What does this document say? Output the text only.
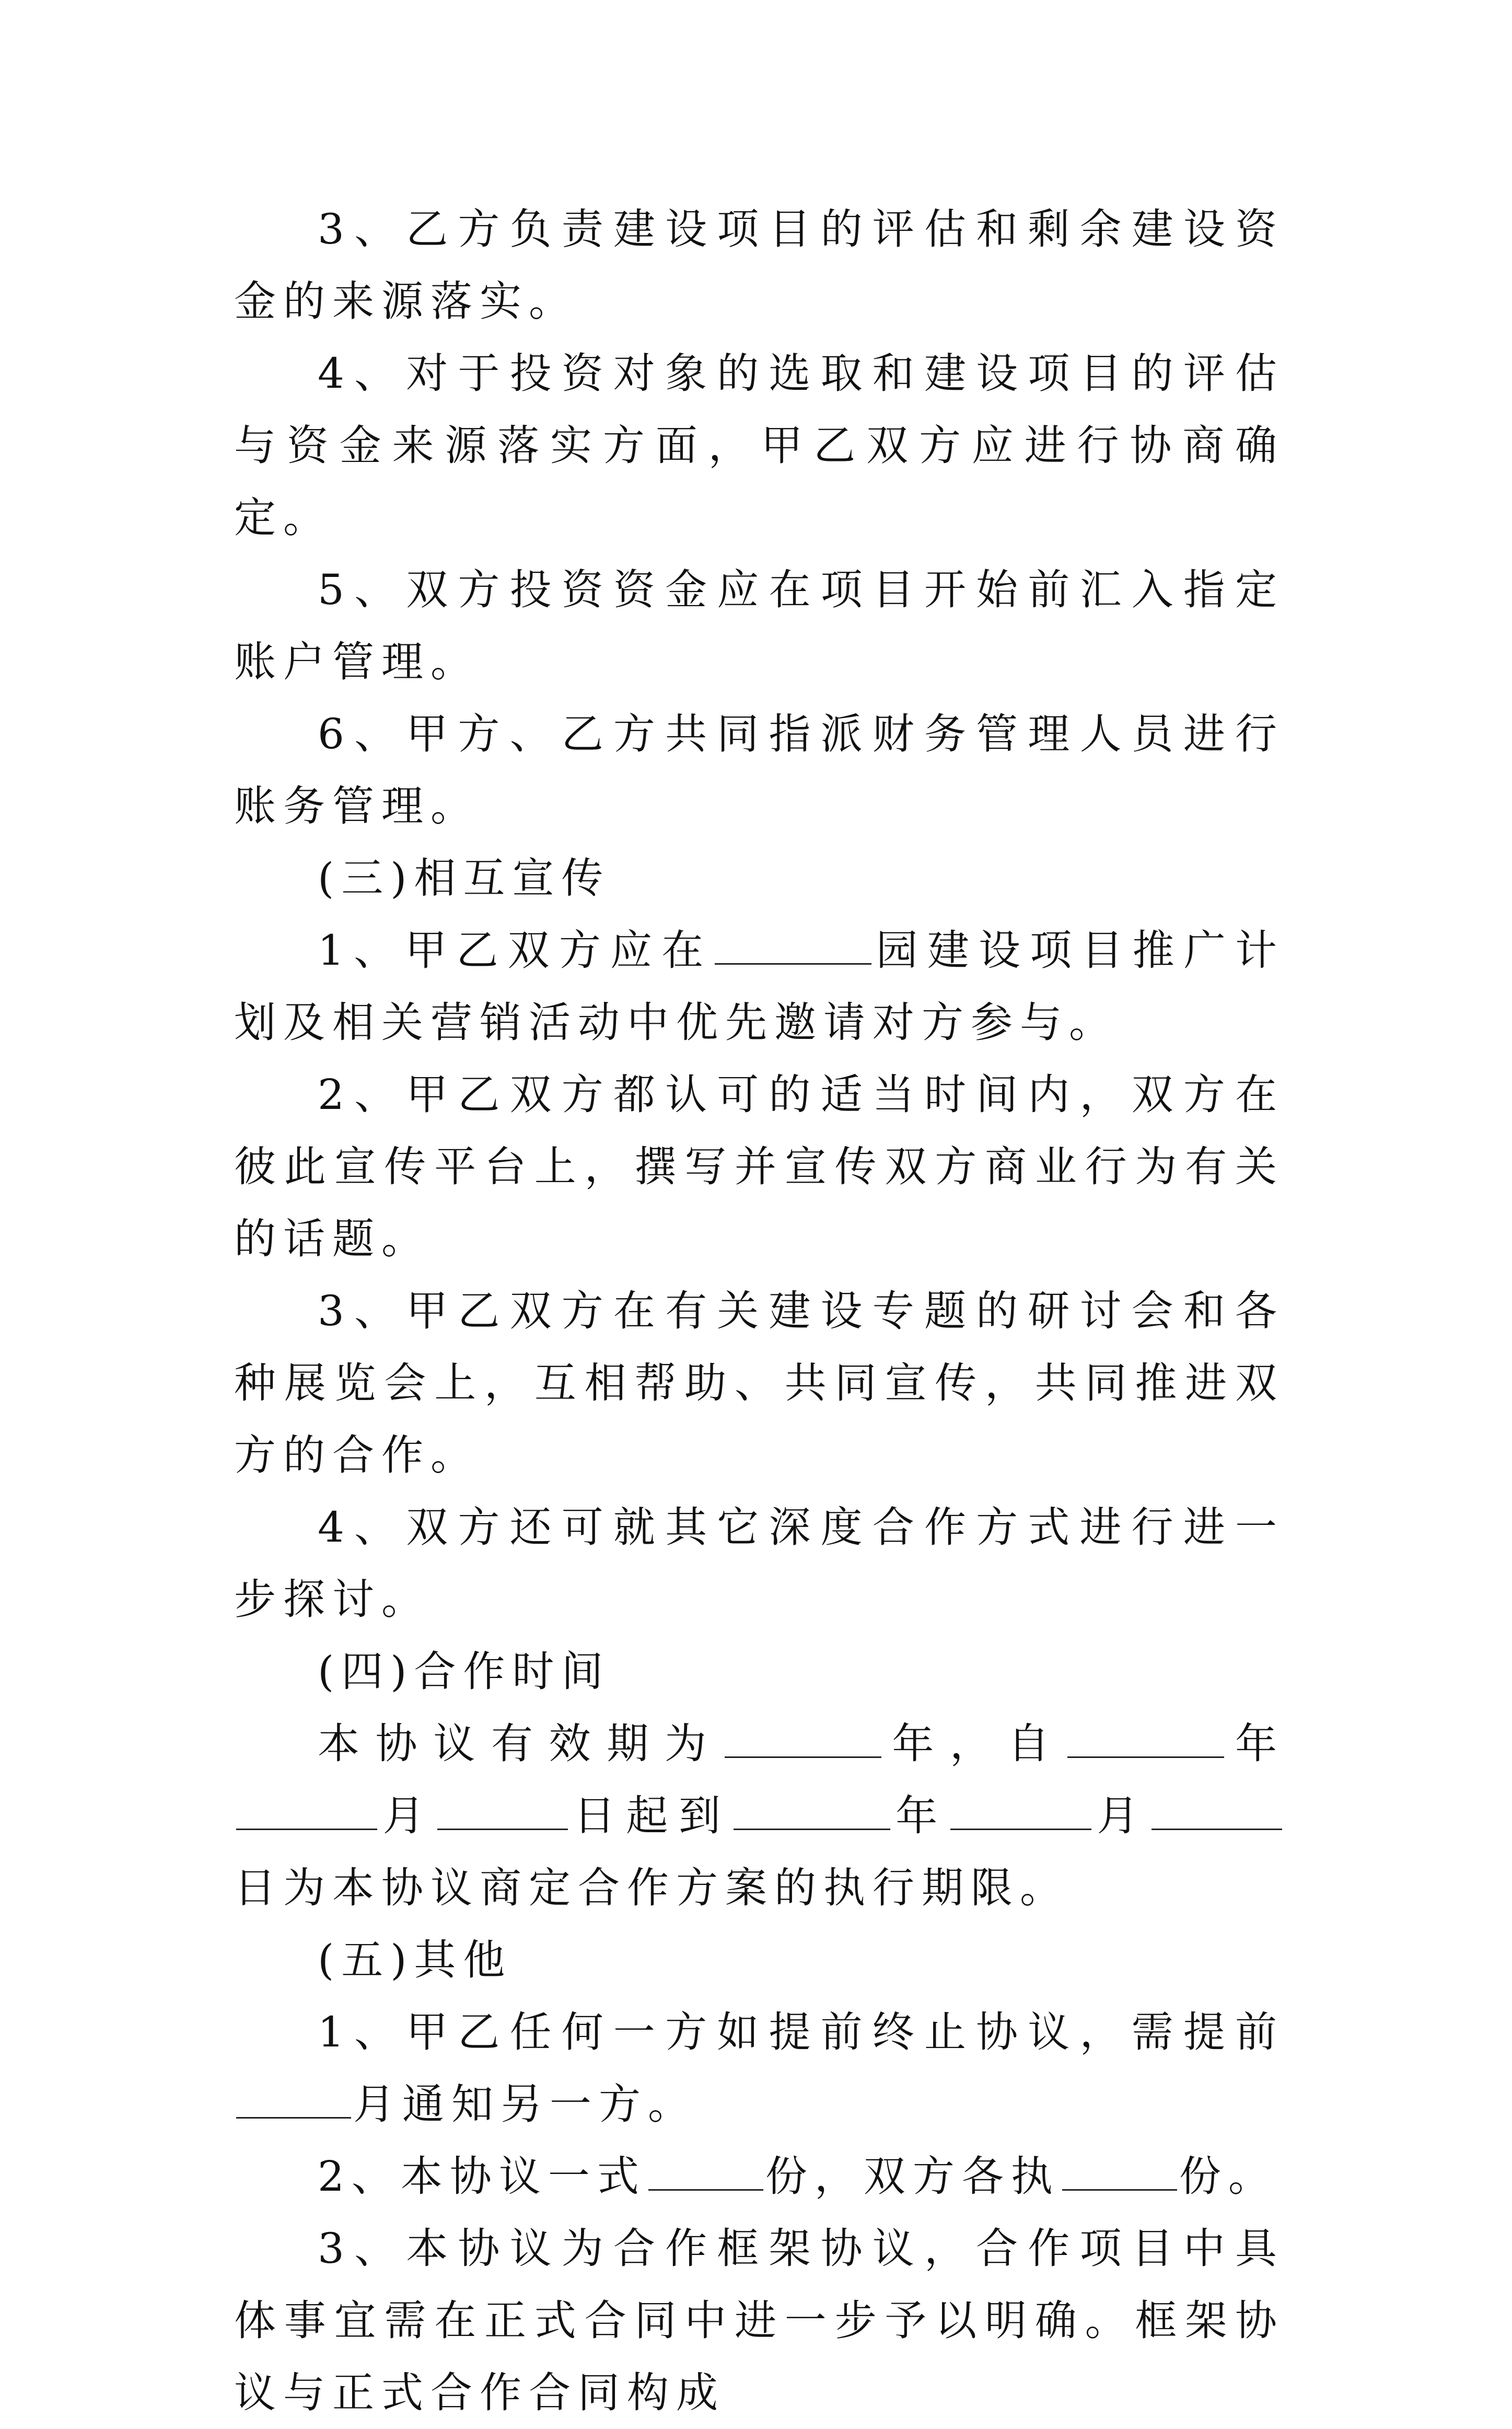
3、乙方负责建设项目的评估和剩余建设资金的来源落实。

4、对于投资对象的选取和建设项目的评估与资金来源落实方面，甲乙双方应进行协商确定。

5、双方投资资金应在项目开始前汇入指定账户管理。

6、甲方、乙方共同指派财务管理人员进行账务管理。

(三)相互宣传

1、甲乙双方应在	园建设项目推广计划及相关营销活动中优先邀请对方参与。

2、甲乙双方都认可的适当时间内，双方在彼此宣传平台上，撰写并宣传双方商业行为有关的话题。

3、甲乙双方在有关建设专题的研讨会和各种展览会上，互相帮助、共同宣传，共同推进双方的合作。

4、双方还可就其它深度合作方式进行进一步探讨。

(四)合作时间

本协议有效期为	年，自	年月	日起到	年	月日为本协议商定合作方案的执行期限。

(五)其他

1、甲乙任何一方如提前终止协议，需提前月通知另一方。

2、本协议一式	份，双方各执	份。

3、本协议为合作框架协议，合作项目中具体事宜需在正式合同中进一步予以明确。框架协议与正式合作合同构成
